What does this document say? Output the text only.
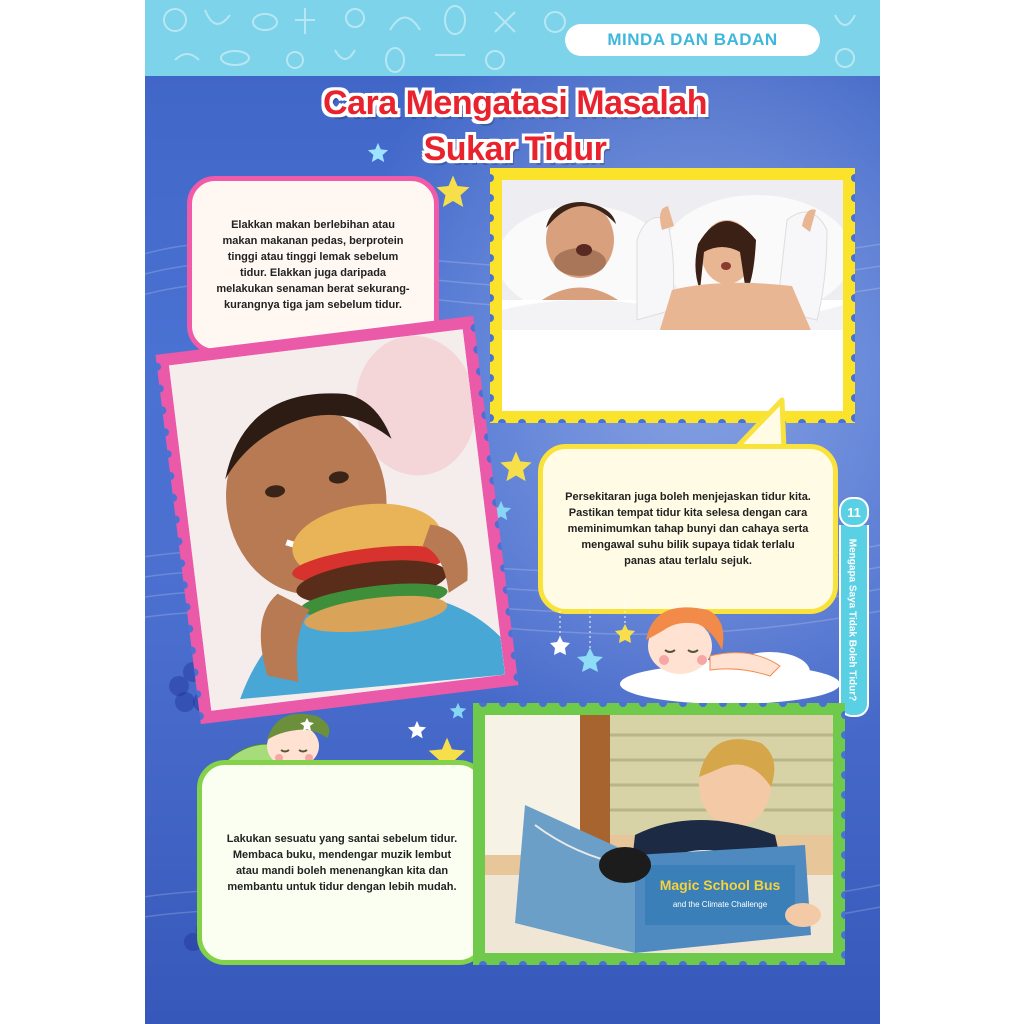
MINDA DAN BADAN
Cara Mengatasi Masalah
Sukar Tidur

Elakkan makan berlebihan atau makan makanan pedas, berprotein tinggi atau tinggi lemak sebelum tidur. Elakkan juga daripada melakukan senaman berat sekurang-kurangnya tiga jam sebelum tidur.

Persekitaran juga boleh menjejaskan tidur kita. Pastikan tempat tidur kita selesa dengan cara meminimumkan tahap bunyi dan cahaya serta mengawal suhu bilik supaya tidak terlalu panas atau terlalu sejuk.

11
Mengapa Saya Tidak Boleh Tidur?

Lakukan sesuatu yang santai sebelum tidur. Membaca buku, mendengar muzik lembut atau mandi boleh menenangkan kita dan membantu untuk tidur dengan lebih mudah.	Magic School Bus
and the Climate Challenge
